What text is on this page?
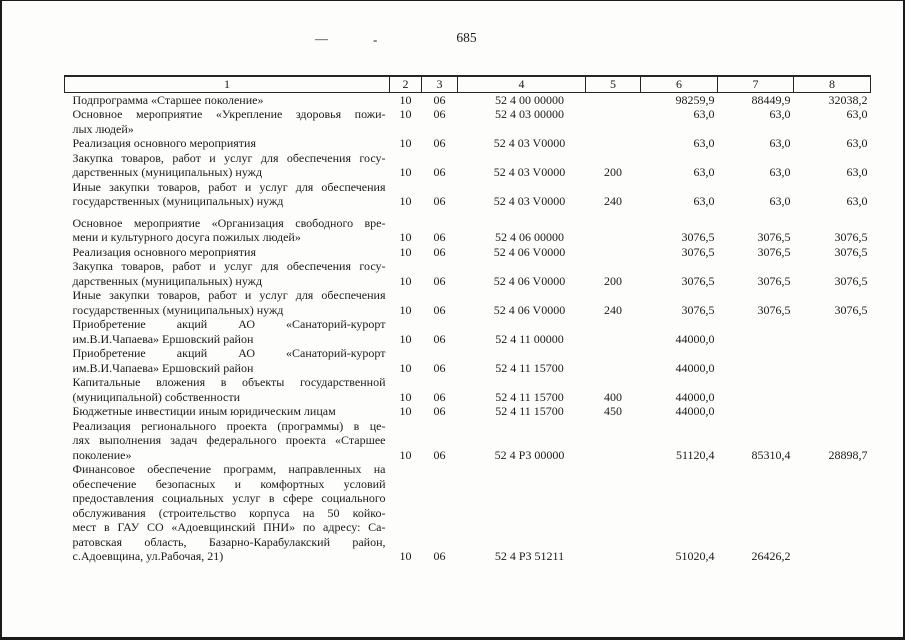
685
—	-
1	2	3	4	5	6	7	8

Подпрограмма «Старшее поколение»	10	06	52 4 00 00000		98259,9	88449,9	32038,2

Основное мероприятие «Укрепление здоровья пожи-
лых людей»	10	06	52 4 03 00000		63,0	63,0	63,0

Реализация основного мероприятия	10	06	52 4 03 V0000		63,0	63,0	63,0

Закупка товаров, работ и услуг для обеспечения госу-
дарственных (муниципальных) нужд	10	06	52 4 03 V0000	200	63,0	63,0	63,0

Иные закупки товаров, работ и услуг для обеспечения
государственных (муниципальных) нужд	10	06	52 4 03 V0000	240	63,0	63,0	63,0

Основное мероприятие «Организация свободного вре-
мени и культурного досуга пожилых людей»	10	06	52 4 06 00000		3076,5	3076,5	3076,5

Реализация основного мероприятия	10	06	52 4 06 V0000		3076,5	3076,5	3076,5

Закупка товаров, работ и услуг для обеспечения госу-
дарственных (муниципальных) нужд	10	06	52 4 06 V0000	200	3076,5	3076,5	3076,5

Иные закупки товаров, работ и услуг для обеспечения
государственных (муниципальных) нужд	10	06	52 4 06 V0000	240	3076,5	3076,5	3076,5

Приобретение акций АО «Санаторий-курорт
им.В.И.Чапаева» Ершовский район	10	06	52 4 11 00000		44000,0		

Приобретение акций АО «Санаторий-курорт
им.В.И.Чапаева» Ершовский район	10	06	52 4 11 15700		44000,0		

Капитальные вложения в объекты государственной
(муниципальной) собственности	10	06	52 4 11 15700	400	44000,0		

Бюджетные инвестиции иным юридическим лицам	10	06	52 4 11 15700	450	44000,0		

Реализация регионального проекта (программы) в це-
лях выполнения задач федерального проекта «Старшее
поколение»	10	06	52 4 P3 00000		51120,4	85310,4	28898,7

Финансовое обеспечение программ, направленных на
обеспечение безопасных и комфортных условий
предоставления социальных услуг в сфере социального
обслуживания (строительство корпуса на 50 койко-
мест в ГАУ СО «Адоевщинский ПНИ» по адресу: Са-
ратовская область, Базарно-Карабулакский район,
с.Адоевщина, ул.Рабочая, 21)	10	06	52 4 P3 51211		51020,4	26426,2	
